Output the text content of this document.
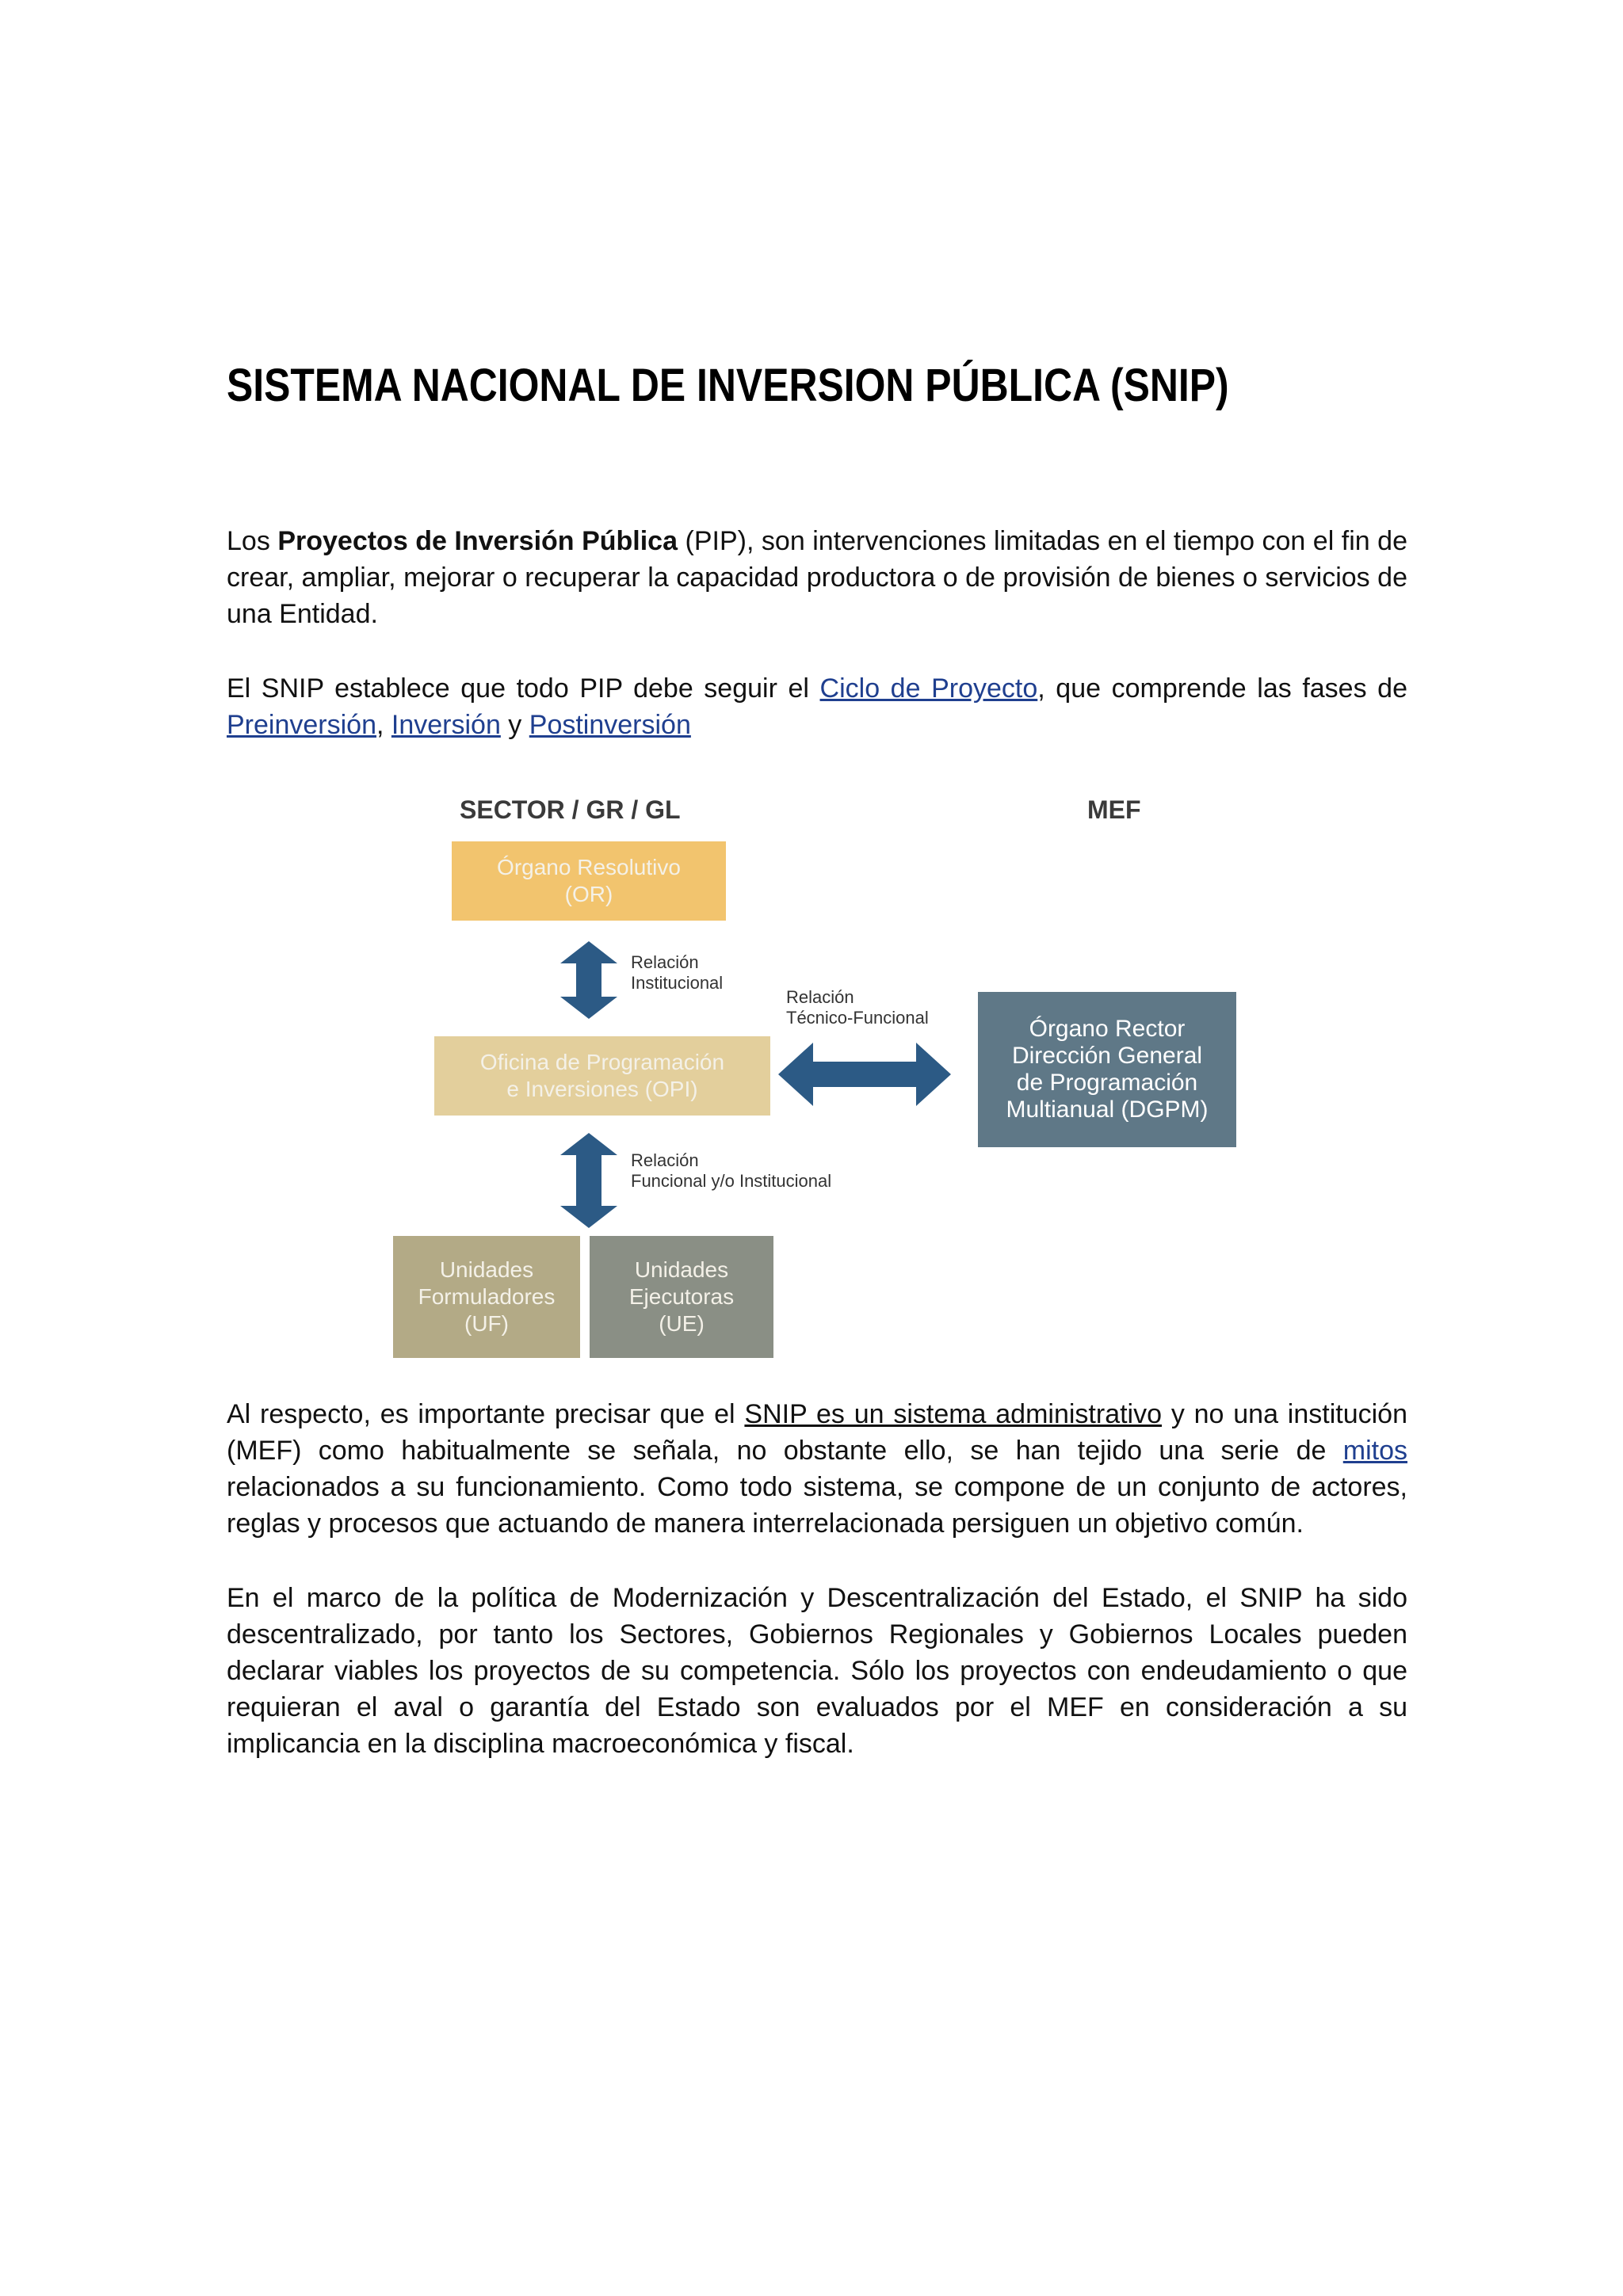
SISTEMA NACIONAL DE INVERSION PÚBLICA (SNIP)

Los Proyectos de Inversión Pública (PIP), son intervenciones limitadas en el tiempo con el fin de crear, ampliar, mejorar o recuperar la capacidad productora o de provisión de bienes o servicios de una Entidad.

El SNIP establece que todo PIP debe seguir el Ciclo de Proyecto, que comprende las fases de Preinversión, Inversión y Postinversión

SECTOR / GR / GL	MEF
Órgano Resolutivo
(OR)
Oficina de Programación
e Inversiones (OPI)
Órgano Rector
Dirección General
de Programación
Multianual (DGPM)
Unidades
Formuladores
(UF)
Unidades
Ejecutoras
(UE)
Relación
Institucional
Relación
Técnico-Funcional
Relación
Funcional y/o Institucional

Al respecto, es importante precisar que el SNIP es un sistema administrativo y no una institución (MEF) como habitualmente se señala, no obstante ello, se han tejido una serie de mitos relacionados a su funcionamiento. Como todo sistema, se compone de un conjunto de actores, reglas y procesos que actuando de manera interrelacionada persiguen un objetivo común.

En el marco de la política de Modernización y Descentralización del Estado, el SNIP ha sido descentralizado, por tanto los Sectores, Gobiernos Regionales y Gobiernos Locales pueden declarar viables los proyectos de su competencia. Sólo los proyectos con endeudamiento o que requieran el aval o garantía del Estado son evaluados por el MEF en consideración a su implicancia en la disciplina macroeconómica y fiscal.
